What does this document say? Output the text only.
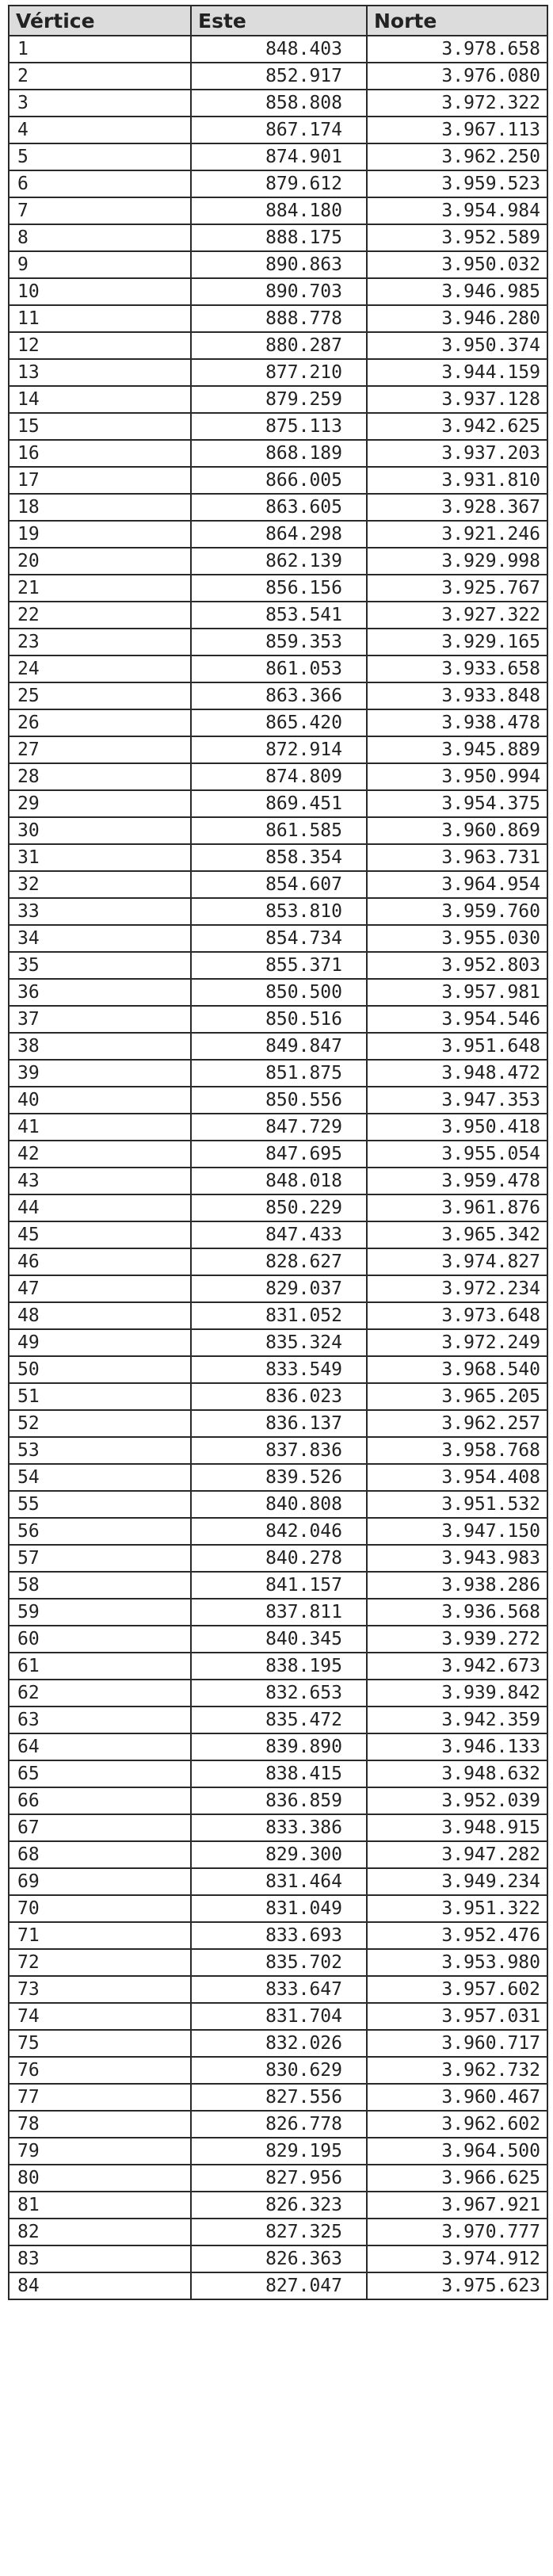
Vértice	Este	Norte
1	848.403	3.978.658
2	852.917	3.976.080
3	858.808	3.972.322
4	867.174	3.967.113
5	874.901	3.962.250
6	879.612	3.959.523
7	884.180	3.954.984
8	888.175	3.952.589
9	890.863	3.950.032
10	890.703	3.946.985
11	888.778	3.946.280
12	880.287	3.950.374
13	877.210	3.944.159
14	879.259	3.937.128
15	875.113	3.942.625
16	868.189	3.937.203
17	866.005	3.931.810
18	863.605	3.928.367
19	864.298	3.921.246
20	862.139	3.929.998
21	856.156	3.925.767
22	853.541	3.927.322
23	859.353	3.929.165
24	861.053	3.933.658
25	863.366	3.933.848
26	865.420	3.938.478
27	872.914	3.945.889
28	874.809	3.950.994
29	869.451	3.954.375
30	861.585	3.960.869
31	858.354	3.963.731
32	854.607	3.964.954
33	853.810	3.959.760
34	854.734	3.955.030
35	855.371	3.952.803
36	850.500	3.957.981
37	850.516	3.954.546
38	849.847	3.951.648
39	851.875	3.948.472
40	850.556	3.947.353
41	847.729	3.950.418
42	847.695	3.955.054
43	848.018	3.959.478
44	850.229	3.961.876
45	847.433	3.965.342
46	828.627	3.974.827
47	829.037	3.972.234
48	831.052	3.973.648
49	835.324	3.972.249
50	833.549	3.968.540
51	836.023	3.965.205
52	836.137	3.962.257
53	837.836	3.958.768
54	839.526	3.954.408
55	840.808	3.951.532
56	842.046	3.947.150
57	840.278	3.943.983
58	841.157	3.938.286
59	837.811	3.936.568
60	840.345	3.939.272
61	838.195	3.942.673
62	832.653	3.939.842
63	835.472	3.942.359
64	839.890	3.946.133
65	838.415	3.948.632
66	836.859	3.952.039
67	833.386	3.948.915
68	829.300	3.947.282
69	831.464	3.949.234
70	831.049	3.951.322
71	833.693	3.952.476
72	835.702	3.953.980
73	833.647	3.957.602
74	831.704	3.957.031
75	832.026	3.960.717
76	830.629	3.962.732
77	827.556	3.960.467
78	826.778	3.962.602
79	829.195	3.964.500
80	827.956	3.966.625
81	826.323	3.967.921
82	827.325	3.970.777
83	826.363	3.974.912
84	827.047	3.975.623
